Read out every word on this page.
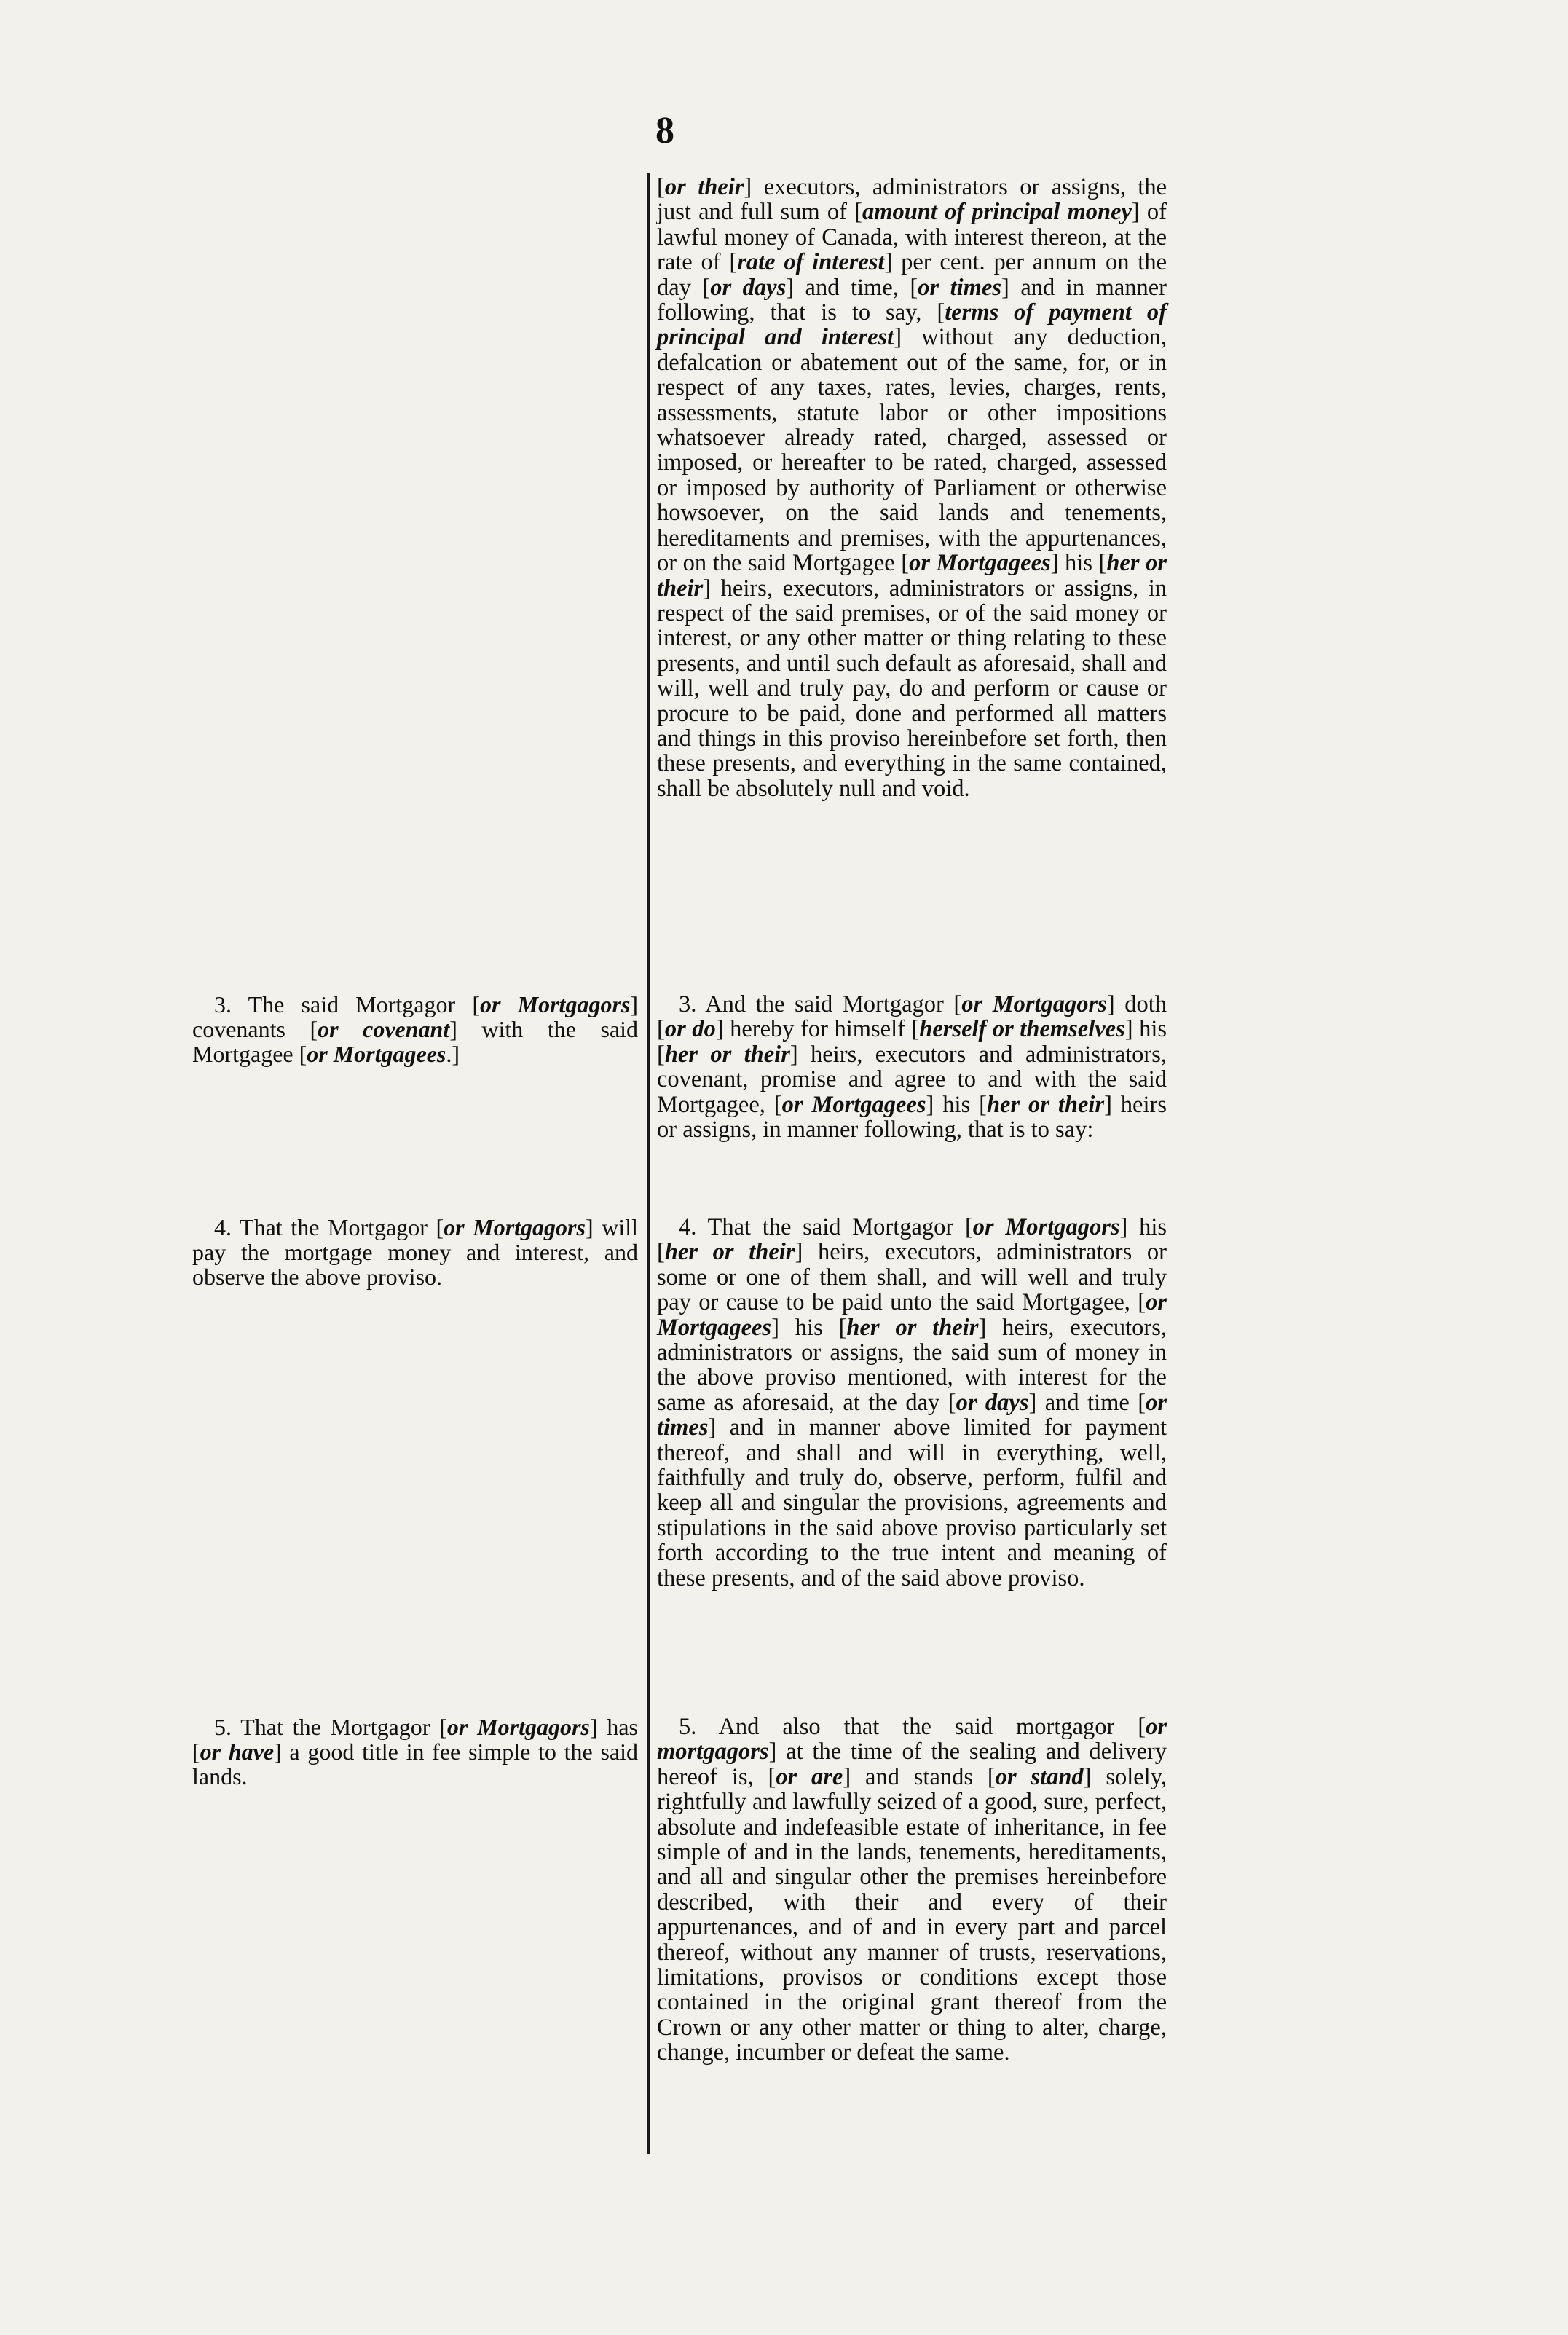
8

[or their] executors, administrators or assigns, the just and full sum of [amount of principal money] of lawful money of Canada, with interest thereon, at the rate of [rate of interest] per cent. per annum on the day [or days] and time, [or times] and in manner following, that is to say, [terms of payment of principal and interest] without any deduction, defalcation or abatement out of the same, for, or in respect of any taxes, rates, levies, charges, rents, assessments, statute labor or other impositions whatsoever already rated, charged, assessed or imposed, or hereafter to be rated, charged, assessed or imposed by authority of Parliament or otherwise howsoever, on the said lands and tenements, hereditaments and premises, with the appurtenances, or on the said Mortgagee [or Mortgagees] his [her or their] heirs, executors, administrators or assigns, in respect of the said premises, or of the said money or interest, or any other matter or thing relating to these presents, and until such default as aforesaid, shall and will, well and truly pay, do and perform or cause or procure to be paid, done and performed all matters and things in this proviso hereinbefore set forth, then these presents, and everything in the same contained, shall be absolutely null and void.

3. The said Mortgagor [or Mortgagors] covenants [or covenant] with the said Mortgagee [or Mortgagees.]

3. And the said Mortgagor [or Mortgagors] doth [or do] hereby for himself [herself or themselves] his [her or their] heirs, executors and administrators, covenant, promise and agree to and with the said Mortgagee, [or Mortgagees] his [her or their] heirs or assigns, in manner following, that is to say:

4. That the Mortgagor [or Mortgagors] will pay the mortgage money and interest, and observe the above proviso.

4. That the said Mortgagor [or Mortgagors] his [her or their] heirs, executors, administrators or some or one of them shall, and will well and truly pay or cause to be paid unto the said Mortgagee, [or Mortgagees] his [her or their] heirs, executors, administrators or assigns, the said sum of money in the above proviso mentioned, with interest for the same as aforesaid, at the day [or days] and time [or times] and in manner above limited for payment thereof, and shall and will in everything, well, faithfully and truly do, observe, perform, fulfil and keep all and singular the provisions, agreements and stipulations in the said above proviso particularly set forth according to the true intent and meaning of these presents, and of the said above proviso.

5. That the Mortgagor [or Mortgagors] has [or have] a good title in fee simple to the said lands.

5. And also that the said mortgagor [or mortgagors] at the time of the sealing and delivery hereof is, [or are] and stands [or stand] solely, rightfully and lawfully seized of a good, sure, perfect, absolute and indefeasible estate of inheritance, in fee simple of and in the lands, tenements, hereditaments, and all and singular other the premises hereinbefore described, with their and every of their appurtenances, and of and in every part and parcel thereof, without any manner of trusts, reservations, limitations, provisos or conditions except those contained in the original grant thereof from the Crown or any other matter or thing to alter, charge, change, incumber or defeat the same.
